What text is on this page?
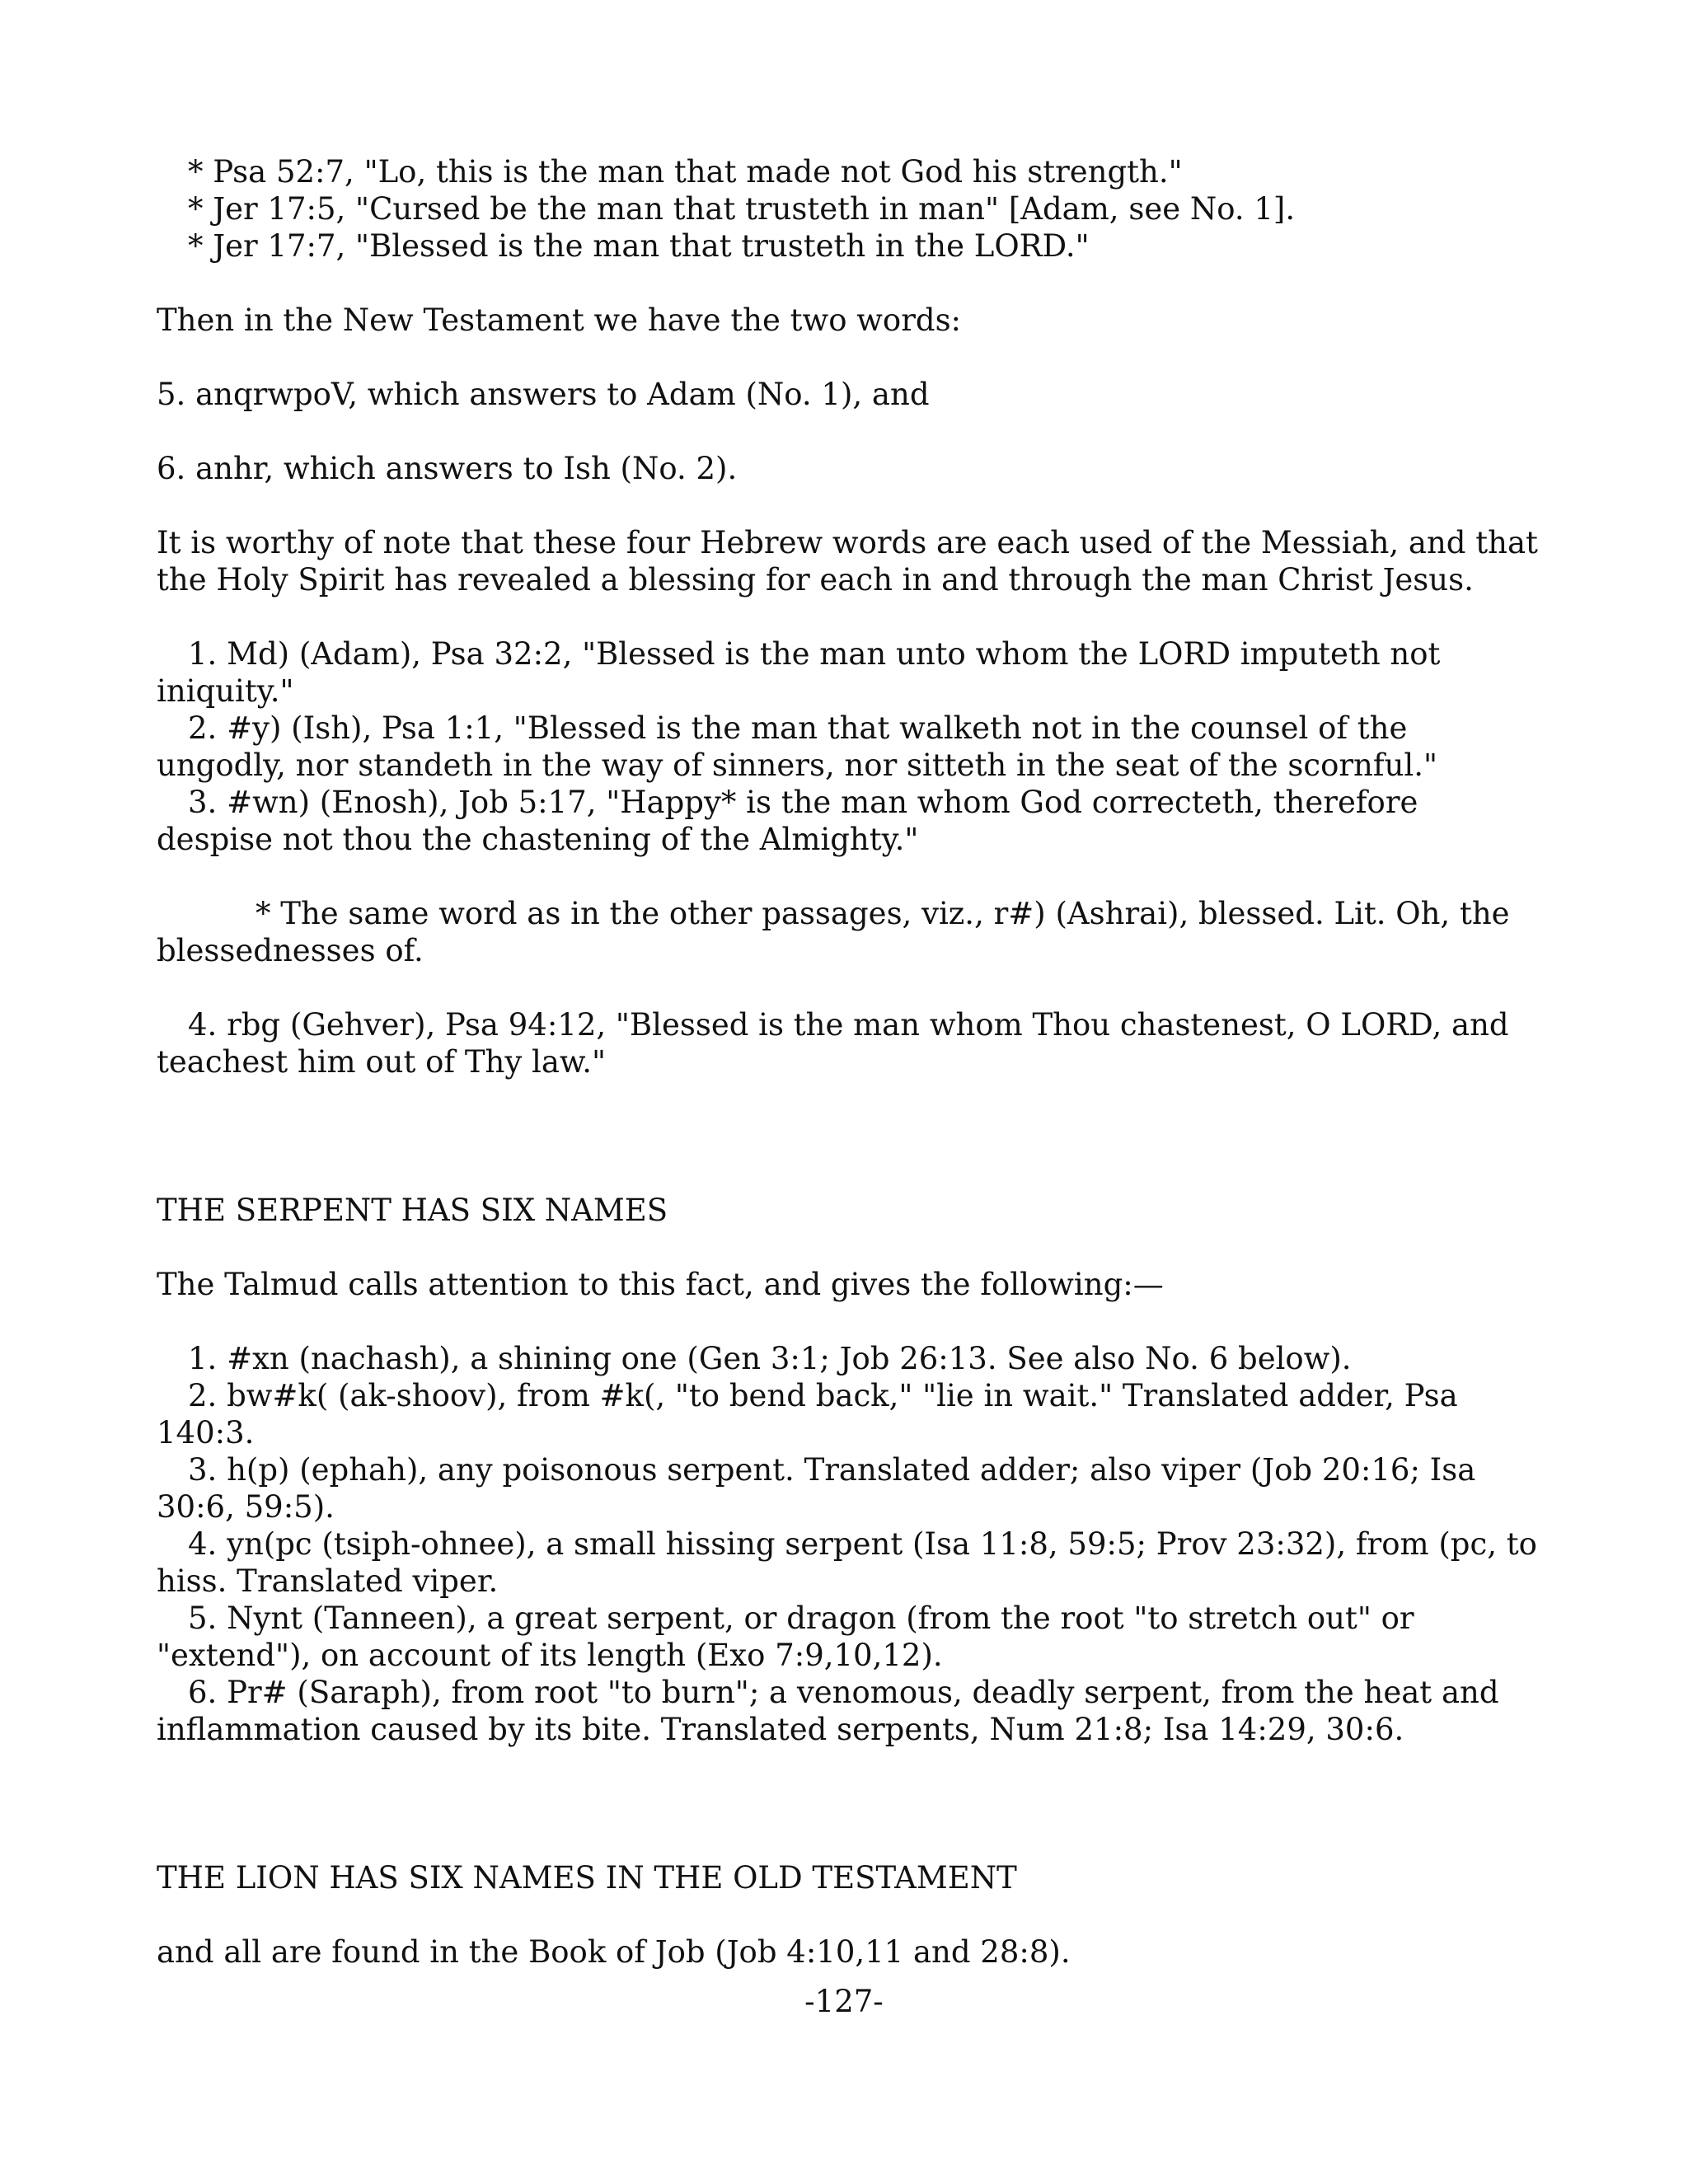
* Psa 52:7, "Lo, this is the man that made not God his strength."

* Jer 17:5, "Cursed be the man that trusteth in man" [Adam, see No. 1].

* Jer 17:7, "Blessed is the man that trusteth in the LORD."

Then in the New Testament we have the two words:

5. anqrwpoV, which answers to Adam (No. 1), and

6. anhr, which answers to Ish (No. 2).

It is worthy of note that these four Hebrew words are each used of the Messiah, and that the Holy Spirit has revealed a blessing for each in and through the man Christ Jesus.

1. Md) (Adam), Psa 32:2, "Blessed is the man unto whom the LORD imputeth not iniquity."

2. #y) (Ish), Psa 1:1, "Blessed is the man that walketh not in the counsel of the ungodly, nor standeth in the way of sinners, nor sitteth in the seat of the scornful."

3. #wn) (Enosh), Job 5:17, "Happy* is the man whom God correcteth, therefore despise not thou the chastening of the Almighty."

* The same word as in the other passages, viz., r#) (Ashrai), blessed. Lit. Oh, the blessednesses of.

4. rbg (Gehver), Psa 94:12, "Blessed is the man whom Thou chastenest, O LORD, and teachest him out of Thy law."

THE SERPENT HAS SIX NAMES

The Talmud calls attention to this fact, and gives the following:—

1. #xn (nachash), a shining one (Gen 3:1; Job 26:13. See also No. 6 below).

2. bw#k( (ak-shoov), from #k(, "to bend back," "lie in wait." Translated adder, Psa 140:3.

3. h(p) (ephah), any poisonous serpent. Translated adder; also viper (Job 20:16; Isa 30:6, 59:5).

4. yn(pc (tsiph-ohnee), a small hissing serpent (Isa 11:8, 59:5; Prov 23:32), from (pc, to hiss. Translated viper.

5. Nynt (Tanneen), a great serpent, or dragon (from the root "to stretch out" or "extend"), on account of its length (Exo 7:9,10,12).

6. Pr# (Saraph), from root "to burn"; a venomous, deadly serpent, from the heat and inflammation caused by its bite. Translated serpents, Num 21:8; Isa 14:29, 30:6.

THE LION HAS SIX NAMES IN THE OLD TESTAMENT

and all are found in the Book of Job (Job 4:10,11 and 28:8).

-127-
